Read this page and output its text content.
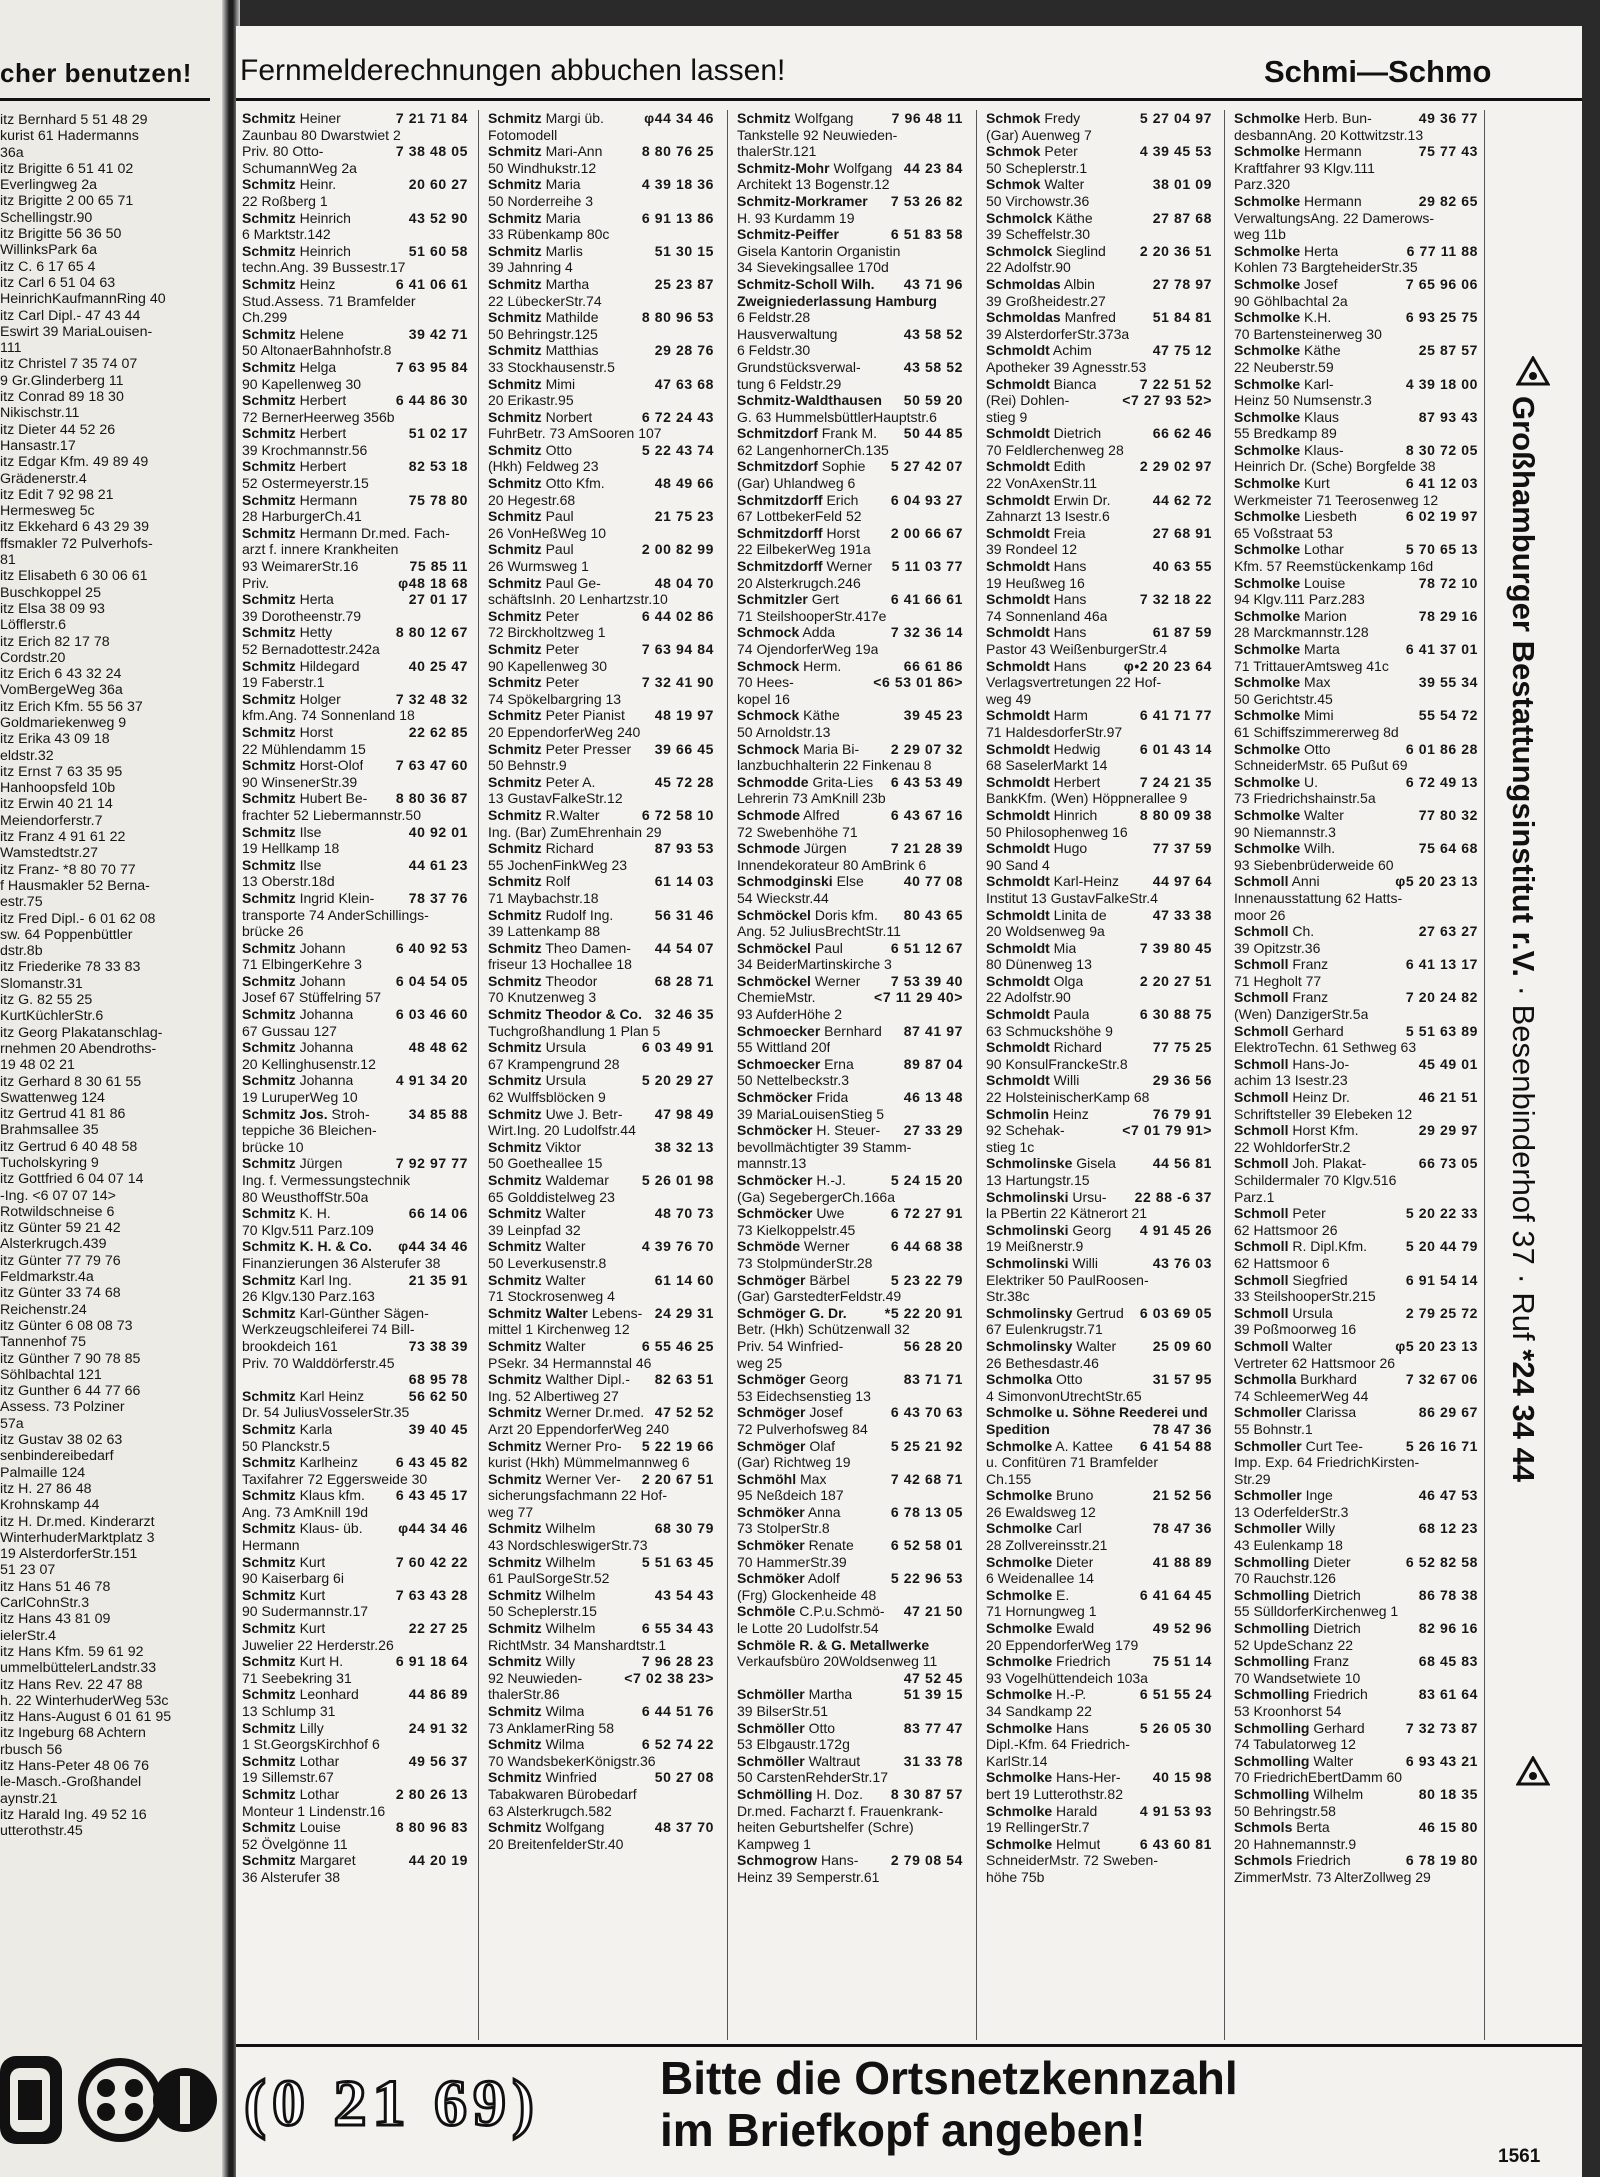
cher benutzen!
itz Bernhard 5 51 48 29
kurist 61 Hadermanns
36a
itz Brigitte 6 51 41 02
Everlingweg 2a
itz Brigitte 2 00 65 71
Schellingstr.90
itz Brigitte 56 36 50
WillinksPark 6a
itz C. 6 17 65 4
itz Carl 6 51 04 63
HeinrichKaufmannRing 40
itz Carl Dipl.- 47 43 44
Eswirt 39 MariaLouisen-
111
itz Christel 7 35 74 07
9 Gr.Glinderberg 11
itz Conrad 89 18 30
Nikischstr.11
itz Dieter 44 52 26
Hansastr.17
itz Edgar Kfm. 49 89 49
Grädenerstr.4
itz Edit 7 92 98 21
Hermesweg 5c
itz Ekkehard 6 43 29 39
ffsmakler 72 Pulverhofs-
81
itz Elisabeth 6 30 06 61
Buschkoppel 25
itz Elsa 38 09 93
Löfflerstr.6
itz Erich 82 17 78
Cordstr.20
itz Erich 6 43 32 24
VomBergeWeg 36a
itz Erich Kfm. 55 56 37
Goldmariekenweg 9
itz Erika 43 09 18
eldstr.32
itz Ernst 7 63 35 95
Hanhoopsfeld 10b
itz Erwin 40 21 14
Meiendorferstr.7
itz Franz 4 91 61 22
Wamstedtstr.27
itz Franz- *8 80 70 77
f Hausmakler 52 Berna-
estr.75
itz Fred Dipl.- 6 01 62 08
sw. 64 Poppenbüttler
dstr.8b
itz Friederike 78 33 83
Slomanstr.31
itz G. 82 55 25
KurtKüchlerStr.6
itz Georg Plakatanschlag-
rnehmen 20 Abendroths-
19 48 02 21
itz Gerhard 8 30 61 55
Swattenweg 124
itz Gertrud 41 81 86
Brahmsallee 35
itz Gertrud 6 40 48 58
Tucholskyring 9
itz Gottfried 6 04 07 14
-Ing. <6 07 07 14>
Rotwildschneise 6
itz Günter 59 21 42
Alsterkrugch.439
itz Günter 77 79 76
Feldmarkstr.4a
itz Günter 33 74 68
Reichenstr.24
itz Günter 6 08 08 73
Tannenhof 75
itz Günther 7 90 78 85
Söhlbachtal 121
itz Gunther 6 44 77 66
Assess. 73 Polziner
57a
itz Gustav 38 02 63
senbindereibedarf
Palmaille 124
itz H. 27 86 48
Krohnskamp 44
itz H. Dr.med. Kinderarzt
WinterhuderMarktplatz 3
19 AlsterdorferStr.151
51 23 07
itz Hans 51 46 78
CarlCohnStr.3
itz Hans 43 81 09
ielerStr.4
itz Hans Kfm. 59 61 92
ummelbüttelerLandstr.33
itz Hans Rev. 22 47 88
h. 22 WinterhuderWeg 53c
itz Hans-August 6 01 61 95
itz Ingeburg 68 Achtern
rbusch 56
itz Hans-Peter 48 06 76
le-Masch.-Großhandel
aynstr.21
itz Harald Ing. 49 52 16
utterothstr.45
Fernmelderechnungen abbuchen lassen!	Schmi—Schmo
Schmitz Heiner	7 21 71 84
Zaunbau 80 Dwarstwiet 2
Priv. 80 Otto-	7 38 48 05
SchumannWeg 2a
Schmitz Heinr.	20 60 27
22 Roßberg 1
Schmitz Heinrich	43 52 90
6 Marktstr.142
Schmitz Heinrich	51 60 58
techn.Ang. 39 Bussestr.17
Schmitz Heinz	6 41 06 61
Stud.Assess. 71 Bramfelder
Ch.299
Schmitz Helene	39 42 71
50 AltonaerBahnhofstr.8
Schmitz Helga	7 63 95 84
90 Kapellenweg 30
Schmitz Herbert	6 44 86 30
72 BernerHeerweg 356b
Schmitz Herbert	51 02 17
39 Krochmannstr.56
Schmitz Herbert	82 53 18
52 Ostermeyerstr.15
Schmitz Hermann	75 78 80
28 HarburgerCh.41
Schmitz Hermann Dr.med. Fach-
arzt f. innere Krankheiten
93 WeimarerStr.16	75 85 11
Priv.	φ48 18 68
Schmitz Herta	27 01 17
39 Dorotheenstr.79
Schmitz Hetty	8 80 12 67
52 Bernadottestr.242a
Schmitz Hildegard	40 25 47
19 Faberstr.1
Schmitz Holger	7 32 48 32
kfm.Ang. 74 Sonnenland 18
Schmitz Horst	22 62 85
22 Mühlendamm 15
Schmitz Horst-Olof 7 63 47 60
90 WinsenerStr.39
Schmitz Hubert Be- 8 80 36 87
frachter 52 Liebermannstr.50
Schmitz Ilse	40 92 01
19 Hellkamp 18
Schmitz Ilse	44 61 23
13 Oberstr.18d
Schmitz Ingrid Klein- 78 37 76
transporte 74 AnderSchillings-
brücke 26
Schmitz Johann	6 40 92 53
71 ElbingerKehre 3
Schmitz Johann	6 04 54 05
Josef 67 Stüffelring 57
Schmitz Johanna	6 03 46 60
67 Gussau 127
Schmitz Johanna	48 48 62
20 Kellinghusenstr.12
Schmitz Johanna	4 91 34 20
19 LuruperWeg 10
Schmitz Jos. Stroh-	34 85 88
teppiche 36 Bleichen-
brücke 10
Schmitz Jürgen	7 92 97 77
Ing. f. Vermessungstechnik
80 WeusthoffStr.50a
Schmitz K. H.	66 14 06
70 Klgv.511 Parz.109
Schmitz K. H. & Co. φ44 34 46
Finanzierungen 36 Alsterufer 38
Schmitz Karl Ing.	21 35 91
26 Klgv.130 Parz.163
Schmitz Karl-Günther Sägen-
Werkzeugschleiferei 74 Bill-
brookdeich 161	73 38 39
Priv. 70 Walddörferstr.45
68 95 78
Schmitz Karl Heinz	56 62 50
Dr. 54 JuliusVosselerStr.35
Schmitz Karla	39 40 45
50 Planckstr.5
Schmitz Karlheinz	6 43 45 82
Taxifahrer 72 Eggersweide 30
Schmitz Klaus kfm. 6 43 45 17
Ang. 73 AmKnill 19d
Schmitz Klaus- üb.	φ44 34 46
Hermann
Schmitz Kurt	7 60 42 22
90 Kaiserbarg 6i
Schmitz Kurt	7 63 43 28
90 Sudermannstr.17
Schmitz Kurt	22 27 25
Juwelier 22 Herderstr.26
Schmitz Kurt H.	6 91 18 64
71 Seebekring 31
Schmitz Leonhard	44 86 89
13 Schlump 31
Schmitz Lilly	24 91 32
1 St.GeorgsKirchhof 6
Schmitz Lothar	49 56 37
19 Sillemstr.67
Schmitz Lothar	2 80 26 13
Monteur 1 Lindenstr.16
Schmitz Louise	8 80 96 83
52 Övelgönne 11
Schmitz Margaret	44 20 19
36 Alsterufer 38
Schmitz Margi üb.	φ44 34 46
Fotomodell
Schmitz Mari-Ann	8 80 76 25
50 Windhukstr.12
Schmitz Maria	4 39 18 36
50 Norderreihe 3
Schmitz Maria	6 91 13 86
33 Rübenkamp 80c
Schmitz Marlis	51 30 15
39 Jahnring 4
Schmitz Martha	25 23 87
22 LübeckerStr.74
Schmitz Mathilde	8 80 96 53
50 Behringstr.125
Schmitz Matthias	29 28 76
33 Stockhausenstr.5
Schmitz Mimi	47 63 68
20 Erikastr.95
Schmitz Norbert	6 72 24 43
FuhrBetr. 73 AmSooren 107
Schmitz Otto	5 22 43 74
(Hkh) Feldweg 23
Schmitz Otto Kfm.	48 49 66
20 Hegestr.68
Schmitz Paul	21 75 23
26 VonHeßWeg 10
Schmitz Paul	2 00 82 99
26 Wurmsweg 1
Schmitz Paul Ge-	48 04 70
schäftsInh. 20 Lenhartzstr.10
Schmitz Peter	6 44 02 86
72 Birckholtzweg 1
Schmitz Peter	7 63 94 84
90 Kapellenweg 30
Schmitz Peter	7 32 41 90
74 Spökelbargring 13
Schmitz Peter Pianist 48 19 97
20 EppendorferWeg 240
Schmitz Peter Presser 39 66 45
50 Behnstr.9
Schmitz Peter A.	45 72 28
13 GustavFalkeStr.12
Schmitz R.Walter	6 72 58 10
Ing. (Bar) ZumEhrenhain 29
Schmitz Richard	87 93 53
55 JochenFinkWeg 23
Schmitz Rolf	61 14 03
71 Maybachstr.18
Schmitz Rudolf Ing.	56 31 46
39 Lattenkamp 88
Schmitz Theo Damen- 44 54 07
friseur 13 Hochallee 18
Schmitz Theodor	68 28 71
70 Knutzenweg 3
Schmitz Theodor & Co. 32 46 35
Tuchgroßhandlung 1 Plan 5
Schmitz Ursula	6 03 49 91
67 Krampengrund 28
Schmitz Ursula	5 20 29 27
62 Wulffsblöcken 9
Schmitz Uwe J. Betr- 47 98 49
Wirt.Ing. 20 Ludolfstr.44
Schmitz Viktor	38 32 13
50 Goetheallee 15
Schmitz Waldemar 5 26 01 98
65 Golddistelweg 23
Schmitz Walter	48 70 73
39 Leinpfad 32
Schmitz Walter	4 39 76 70
50 Leverkusenstr.8
Schmitz Walter	61 14 60
71 Stockrosenweg 4
Schmitz Walter Lebens- 24 29 31
mittel 1 Kirchenweg 12
Schmitz Walter	6 55 46 25
PSekr. 34 Hermannstal 46
Schmitz Walther Dipl.- 82 63 51
Ing. 52 Albertiweg 27
Schmitz Werner Dr.med. 47 52 52
Arzt 20 EppendorferWeg 240
Schmitz Werner Pro- 5 22 19 66
kurist (Hkh) Mümmelmannweg 6
Schmitz Werner Ver- 2 20 67 51
sicherungsfachmann 22 Hof-
weg 77
Schmitz Wilhelm	68 30 79
43 NordschleswigerStr.73
Schmitz Wilhelm	5 51 63 45
61 PaulSorgeStr.52
Schmitz Wilhelm	43 54 43
50 Scheplerstr.15
Schmitz Wilhelm	6 55 34 43
RichtMstr. 34 Manshardtstr.1
Schmitz Willy	7 96 28 23
92 Neuwieden-	<7 02 38 23>
thalerStr.86
Schmitz Wilma	6 44 51 76
73 AnklamerRing 58
Schmitz Wilma	6 52 74 22
70 WandsbekerKönigstr.36
Schmitz Winfried	50 27 08
Tabakwaren Bürobedarf
63 Alsterkrugch.582
Schmitz Wolfgang	48 37 70
20 BreitenfelderStr.40
Schmitz Wolfgang	7 96 48 11
Tankstelle 92 Neuwieden-
thalerStr.121
Schmitz-Mohr Wolfgang 44 23 84
Architekt 13 Bogenstr.12
Schmitz-Morkramer 7 53 26 82
H. 93 Kurdamm 19
Schmitz-Peiffer	6 51 83 58
Gisela Kantorin Organistin
34 Sievekingsallee 170d
Schmitz-Scholl Wilh. 43 71 96
Zweigniederlassung Hamburg
6 Feldstr.28
Hausverwaltung	43 58 52
6 Feldstr.30
Grundstücksverwal-	43 58 52
tung 6 Feldstr.29
Schmitz-Waldthausen 50 59 20
G. 63 HummelsbüttlerHauptstr.6
Schmitzdorf Frank M. 50 44 85
62 LangenhornerCh.135
Schmitzdorf Sophie 5 27 42 07
(Gar) Uhlandweg 6
Schmitzdorff Erich 6 04 93 27
67 LottbekerFeld 52
Schmitzdorff Horst 2 00 66 67
22 EilbekerWeg 191a
Schmitzdorff Werner 5 11 03 77
20 Alsterkrugch.246
Schmitzler Gert	6 41 66 61
71 SteilshooperStr.417e
Schmock Adda	7 32 36 14
74 OjendorferWeg 19a
Schmock Herm.	66 61 86
70 Hees-	<6 53 01 86>
kopel 16
Schmock Käthe	39 45 23
50 Arnoldstr.13
Schmock Maria Bi- 2 29 07 32
lanzbuchhalterin 22 Finkenau 8
Schmodde Grita-Lies 6 43 53 49
Lehrerin 73 AmKnill 23b
Schmode Alfred	6 43 67 16
72 Swebenhöhe 71
Schmode Jürgen	7 21 28 39
Innendekorateur 80 AmBrink 6
Schmodginski Else	40 77 08
54 Wieckstr.44
Schmöckel Doris kfm. 80 43 65
Ang. 52 JuliusBrechtStr.11
Schmöckel Paul	6 51 12 67
34 BeiderMartinskirche 3
Schmöckel Werner 7 53 39 40
ChemieMstr.	<7 11 29 40>
93 AufderHöhe 2
Schmoecker Bernhard 87 41 97
55 Wittland 20f
Schmoecker Erna	89 87 04
50 Nettelbeckstr.3
Schmöcker Frida	46 13 48
39 MariaLouisenStieg 5
Schmöcker H. Steuer- 27 33 29
bevollmächtigter 39 Stamm-
mannstr.13
Schmöcker H.-J.	5 24 15 20
(Ga) SegebergerCh.166a
Schmöcker Uwe	6 72 27 91
73 Kielkoppelstr.45
Schmöde Werner	6 44 68 38
73 StolpmünderStr.28
Schmöger Bärbel	5 23 22 79
(Gar) GarstedterFeldstr.49
Schmöger G. Dr.	*5 22 20 91
Betr. (Hkh) Schützenwall 32
Priv. 54 Winfried-	56 28 20
weg 25
Schmöger Georg	83 71 71
53 Eidechsenstieg 13
Schmöger Josef	6 43 70 63
72 Pulverhofsweg 84
Schmöger Olaf	5 25 21 92
(Gar) Richtweg 19
Schmöhl Max	7 42 68 71
95 Neßdeich 187
Schmöker Anna	6 78 13 05
73 StolperStr.8
Schmöker Renate	6 52 58 01
70 HammerStr.39
Schmöker Adolf	5 22 96 53
(Frg) Glockenheide 48
Schmöle C.P.u.Schmö- 47 21 50
le Lotte 20 Ludolfstr.54
Schmöle R. & G. Metallwerke
Verkaufsbüro 20Woldsenweg 11
47 52 45
Schmöller Martha	51 39 15
39 BilserStr.51
Schmöller Otto	83 77 47
53 Elbgaustr.172g
Schmöller Waltraut	31 33 78
50 CarstenRehderStr.17
Schmölling H. Doz. 8 30 87 57
Dr.med. Facharzt f. Frauenkrank-
heiten Geburtshelfer (Schre)
Kampweg 1
Schmogrow Hans- 2 79 08 54
Heinz 39 Semperstr.61
Schmok Fredy	5 27 04 97
(Gar) Auenweg 7
Schmok Peter	4 39 45 53
50 Scheplerstr.1
Schmok Walter	38 01 09
50 Virchowstr.36
Schmolck Käthe	27 87 68
39 Scheffelstr.30
Schmolck Sieglind 2 20 36 51
22 Adolfstr.90
Schmoldas Albin	27 78 97
39 Großheidestr.27
Schmoldas Manfred	51 84 81
39 AlsterdorferStr.373a
Schmoldt Achim	47 75 12
Apotheker 39 Agnesstr.53
Schmoldt Bianca	7 22 51 52
(Rei) Dohlen-	<7 27 93 52>
stieg 9
Schmoldt Dietrich	66 62 46
70 Feldlerchenweg 28
Schmoldt Edith	2 29 02 97
22 VonAxenStr.11
Schmoldt Erwin Dr.	44 62 72
Zahnarzt 13 Isestr.6
Schmoldt Freia	27 68 91
39 Rondeel 12
Schmoldt Hans	40 63 55
19 Heußweg 16
Schmoldt Hans	7 32 18 22
74 Sonnenland 46a
Schmoldt Hans	61 87 59
Pastor 43 WeißenburgerStr.4
Schmoldt Hans	φ•2 20 23 64
Verlagsvertretungen 22 Hof-
weg 49
Schmoldt Harm	6 41 71 77
71 HaldesdorferStr.97
Schmoldt Hedwig	6 01 43 14
68 SaselerMarkt 14
Schmoldt Herbert	7 24 21 35
BankKfm. (Wen) Höppnerallee 9
Schmoldt Hinrich	8 80 09 38
50 Philosophenweg 16
Schmoldt Hugo	77 37 59
90 Sand 4
Schmoldt Karl-Heinz 44 97 64
Institut 13 GustavFalkeStr.4
Schmoldt Linita de	47 33 38
20 Woldsenweg 9a
Schmoldt Mia	7 39 80 45
80 Dünenweg 13
Schmoldt Olga	2 20 27 51
22 Adolfstr.90
Schmoldt Paula	6 30 88 75
63 Schmuckshöhe 9
Schmoldt Richard	77 75 25
90 KonsulFranckeStr.8
Schmoldt Willi	29 36 56
22 HolsteinischerKamp 68
Schmolin Heinz	76 79 91
92 Schehak-	<7 01 79 91>
stieg 1c
Schmolinske Gisela	44 56 81
13 Hartungstr.15
Schmolinski Ursu- 22 88 -6 37
la PBertin 22 Kätnerort 21
Schmolinski Georg 4 91 45 26
19 Meißnerstr.9
Schmolinski Willi	43 76 03
Elektriker 50 PaulRoosen-
Str.38c
Schmolinsky Gertrud 6 03 69 05
67 Eulenkrugstr.71
Schmolinsky Walter	25 09 60
26 Bethesdastr.46
Schmolka Otto	31 57 95
4 SimonvonUtrechtStr.65
Schmolke u. Söhne Reederei und
Spedition	78 47 36
Schmolke A. Kattee 6 41 54 88
u. Confitüren 71 Bramfelder
Ch.155
Schmolke Bruno	21 52 56
26 Ewaldsweg 12
Schmolke Carl	78 47 36
28 Zollvereinsstr.21
Schmolke Dieter	41 88 89
6 Weidenallee 14
Schmolke E.	6 41 64 45
71 Hornungweg 1
Schmolke Ewald	49 52 96
20 EppendorferWeg 179
Schmolke Friedrich	75 51 14
93 Vogelhüttendeich 103a
Schmolke H.-P.	6 51 55 24
34 Sandkamp 22
Schmolke Hans	5 26 05 30
Dipl.-Kfm. 64 Friedrich-
KarlStr.14
Schmolke Hans-Her- 40 15 98
bert 19 Lutterothstr.82
Schmolke Harald	4 91 53 93
19 RellingerStr.7
Schmolke Helmut	6 43 60 81
SchneiderMstr. 72 Sweben-
höhe 75b
Schmolke Herb. Bun-	49 36 77
desbannAng. 20 Kottwitzstr.13
Schmolke Hermann	75 77 43
Kraftfahrer 93 Klgv.111
Parz.320
Schmolke Hermann	29 82 65
VerwaltungsAng. 22 Damerows-
weg 11b
Schmolke Herta	6 77 11 88
Kohlen 73 BargteheiderStr.35
Schmolke Josef	7 65 96 06
90 Göhlbachtal 2a
Schmolke K.H.	6 93 25 75
70 Bartensteinerweg 30
Schmolke Käthe	25 87 57
22 Neuberstr.59
Schmolke Karl-	4 39 18 00
Heinz 50 Numsenstr.3
Schmolke Klaus	87 93 43
55 Bredkamp 89
Schmolke Klaus-	8 30 72 05
Heinrich Dr. (Sche) Borgfelde 38
Schmolke Kurt	6 41 12 03
Werkmeister 71 Teerosenweg 12
Schmolke Liesbeth	6 02 19 97
65 Voßstraat 53
Schmolke Lothar	5 70 65 13
Kfm. 57 Reemstückenkamp 16d
Schmolke Louise	78 72 10
94 Klgv.111 Parz.283
Schmolke Marion	78 29 16
28 Marckmannstr.128
Schmolke Marta	6 41 37 01
71 TrittauerAmtsweg 41c
Schmolke Max	39 55 34
50 Gerichtstr.45
Schmolke Mimi	55 54 72
61 Schiffszimmererweg 8d
Schmolke Otto	6 01 86 28
SchneiderMstr. 65 Pußut 69
Schmolke U.	6 72 49 13
73 Friedrichshainstr.5a
Schmolke Walter	77 80 32
90 Niemannstr.3
Schmolke Wilh.	75 64 68
93 Siebenbrüderweide 60
Schmoll Anni	φ5 20 23 13
Innenausstattung 62 Hatts-
moor 26
Schmoll Ch.	27 63 27
39 Opitzstr.36
Schmoll Franz	6 41 13 17
71 Hegholt 77
Schmoll Franz	7 20 24 82
(Wen) DanzigerStr.5a
Schmoll Gerhard	5 51 63 89
ElektroTechn. 61 Sethweg 63
Schmoll Hans-Jo-	45 49 01
achim 13 Isestr.23
Schmoll Heinz Dr.	46 21 51
Schriftsteller 39 Elebeken 12
Schmoll Horst Kfm.	29 29 97
22 WohldorferStr.2
Schmoll Joh. Plakat-	66 73 05
Schildermaler 70 Klgv.516
Parz.1
Schmoll Peter	5 20 22 33
62 Hattsmoor 26
Schmoll R. Dipl.Kfm.	5 20 44 79
62 Hattsmoor 6
Schmoll Siegfried	6 91 54 14
33 SteilshooperStr.215
Schmoll Ursula	2 79 25 72
39 Poßmoorweg 16
Schmoll Walter	φ5 20 23 13
Vertreter 62 Hattsmoor 26
Schmolla Burkhard	7 32 67 06
74 SchleemerWeg 44
Schmoller Clarissa	86 29 67
55 Bohnstr.1
Schmoller Curt Tee-	5 26 16 71
Imp. Exp. 64 FriedrichKirsten-
Str.29
Schmoller Inge	46 47 53
13 OderfelderStr.3
Schmoller Willy	68 12 23
43 Eulenkamp 18
Schmolling Dieter	6 52 82 58
70 Rauchstr.126
Schmolling Dietrich	86 78 38
55 SülldorferKirchenweg 1
Schmolling Dietrich	82 96 16
52 UpdeSchanz 22
Schmolling Franz	68 45 83
70 Wandsetwiete 10
Schmolling Friedrich	83 61 64
53 Kroonhorst 54
Schmolling Gerhard	7 32 73 87
74 Tabulatorweg 12
Schmolling Walter	6 93 43 21
70 FriedrichEbertDamm 60
Schmolling Wilhelm	80 18 35
50 Behringstr.58
Schmols Berta	46 15 80
20 Hahnemannstr.9
Schmols Friedrich	6 78 19 80
ZimmerMstr. 73 AlterZollweg 29
Großhamburger Bestattungsinstitut r.V. · Besenbinderhof 37 · Ruf *24 34 44
(0 21 69)	Bitte die Ortsnetzkennzahl
im Briefkopf angeben!
1561
